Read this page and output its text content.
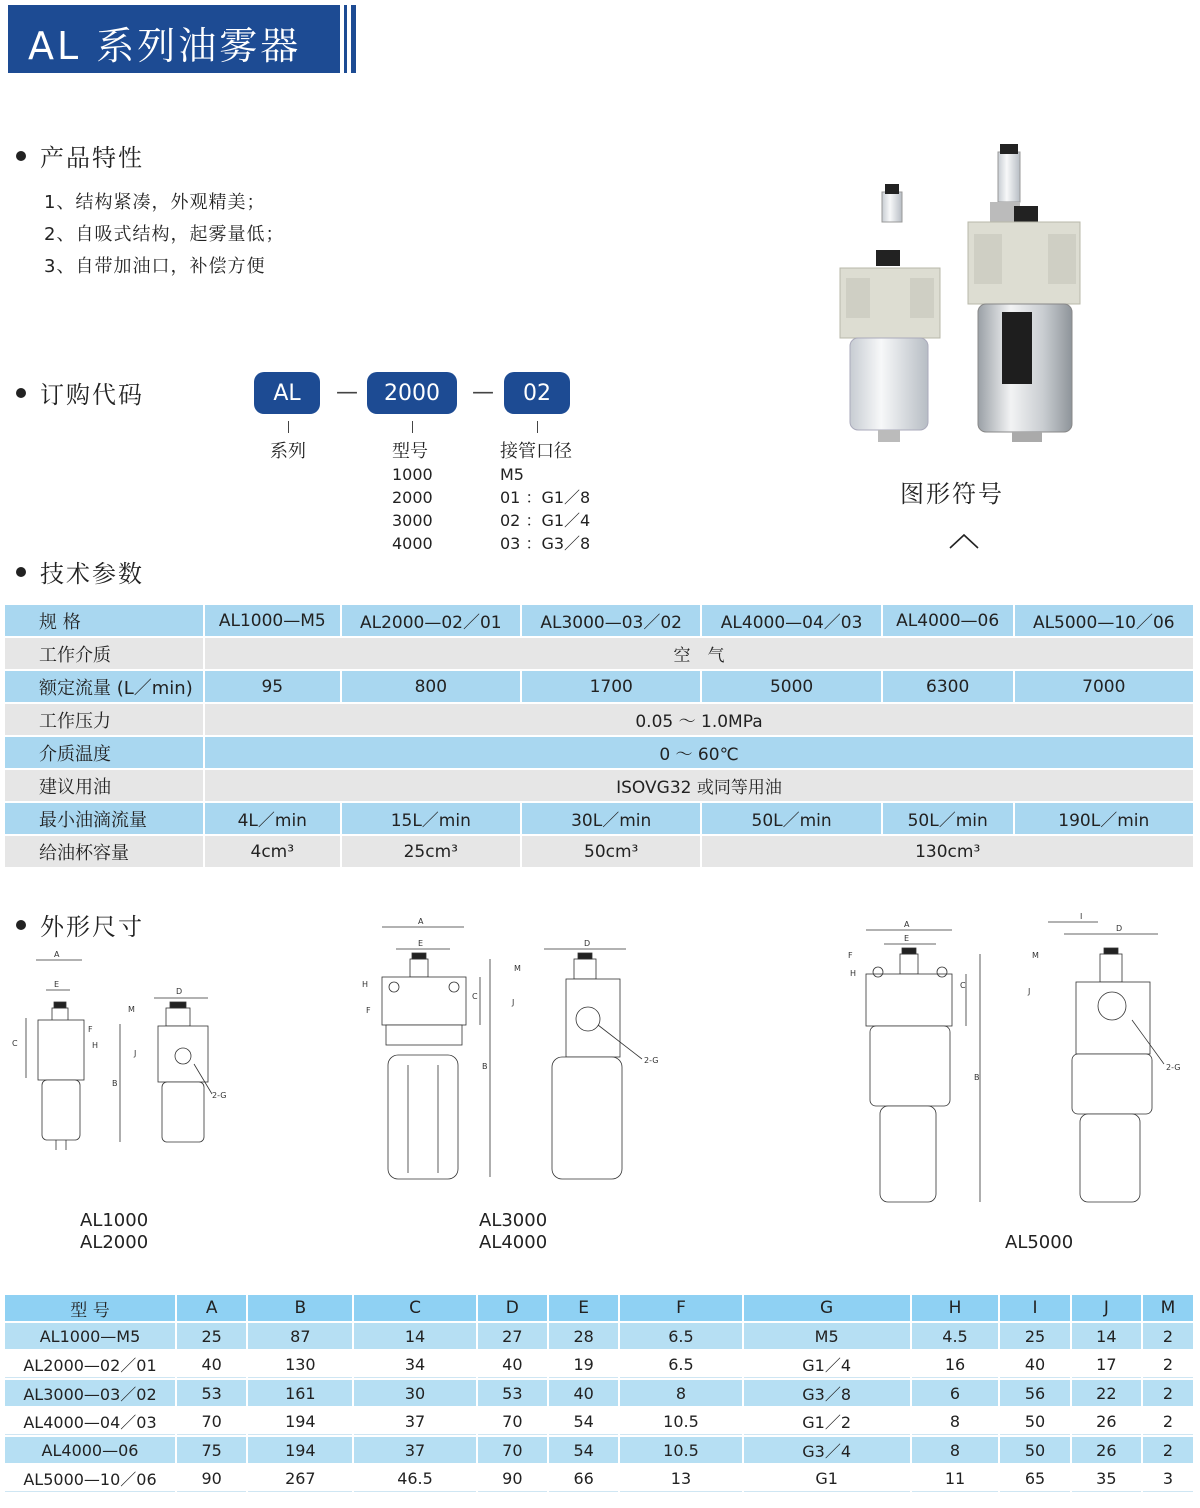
AL 系列油雾器
产品特性
1、结构紧凑，外观精美；
2、自吸式结构，起雾量低；
3、自带加油口，补偿方便
图形符号
订购代码	AL	—	2000	—	02
系列	型号
1000
2000
3000
4000
接管口径
M5
01 ：G1／8
02 ：G1／4
03 ：G3／8
技术参数
规 格	AL1000—M5	AL2000—02／01	AL3000—03／02	AL4000—04／03	AL4000—06	AL5000—10／06
工作介质	空　气					
额定流量 (L／min)	95	800	1700	5000	6300	7000
工作压力	0.05 ～ 1.0MPa					
介质温度	0 ～ 60℃					
建议用油	ISOVG32 或同等用油					
最小油滴流量	4L／min	15L／min	30L／min	50L／min	50L／min	190L／min
给油杯容量	4cm³	25cm³	50cm³	130cm³		
外形尺寸
A
E
C
F
H
D
M
B
J
2-G
A
E
H
F
C
B
D
M
J
2-G
A
E
F
H
C
B
I
D
M
J
2-G
AL1000
AL2000
AL3000
AL4000	AL5000
型 号	A	B	C	D	E	F	G	H	I	J	M
AL1000—M5	25	87	14	27	28	6.5	M5	4.5	25	14	2
AL2000—02／01	40	130	34	40	19	6.5	G1／4	16	40	17	2
AL3000—03／02	53	161	30	53	40	8	G3／8	6	56	22	2
AL4000—04／03	70	194	37	70	54	10.5	G1／2	8	50	26	2
AL4000—06	75	194	37	70	54	10.5	G3／4	8	50	26	2
AL5000—10／06	90	267	46.5	90	66	13	G1	11	65	35	3
